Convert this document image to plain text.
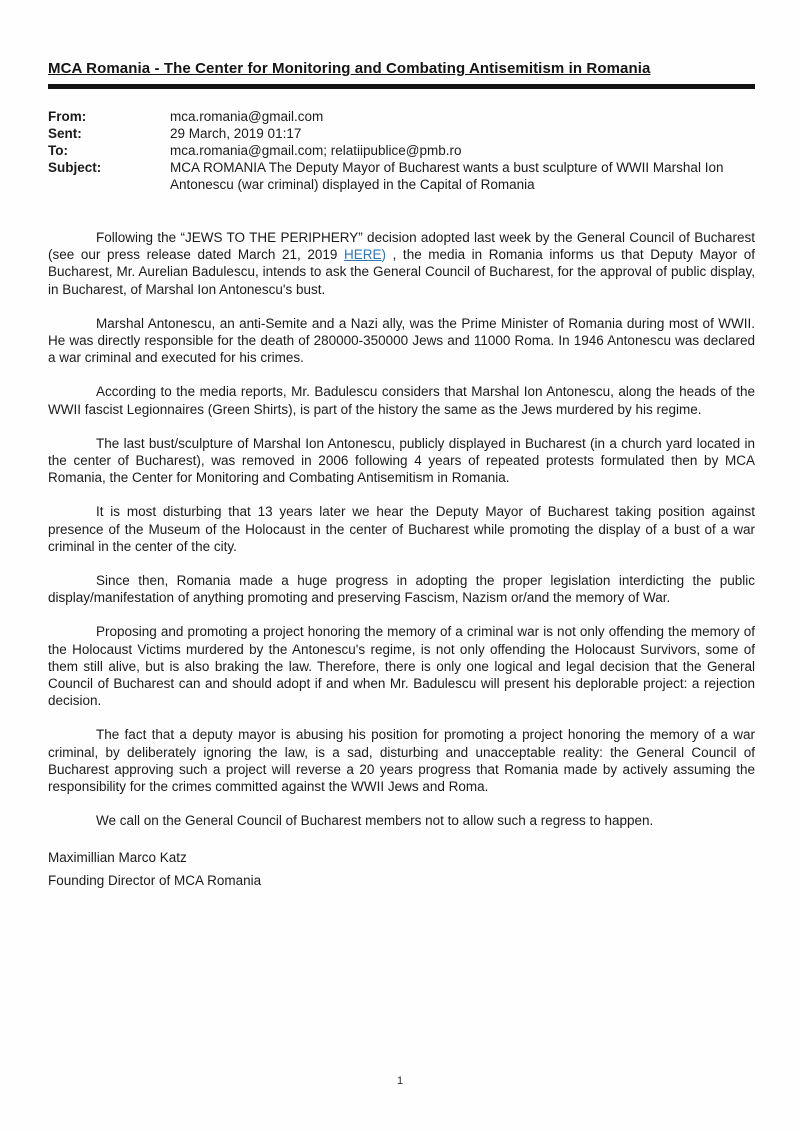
MCA Romania - The Center for Monitoring and Combating Antisemitism in Romania
From:	mca.romania@gmail.com
Sent:	29 March, 2019 01:17
To:	mca.romania@gmail.com; relatiipublice@pmb.ro
Subject:	MCA ROMANIA The Deputy Mayor of Bucharest wants a bust sculpture of WWII Marshal Ion Antonescu (war criminal) displayed in the Capital of Romania

Following the “JEWS TO THE PERIPHERY” decision adopted last week by the General Council of Bucharest (see our press release dated March 21, 2019 HERE) , the media in Romania informs us that Deputy Mayor of Bucharest, Mr. Aurelian Badulescu, intends to ask the General Council of Bucharest, for the approval of public display, in Bucharest, of Marshal Ion Antonescu's bust.

Marshal Antonescu, an anti-Semite and a Nazi ally, was the Prime Minister of Romania during most of WWII. He was directly responsible for the death of 280000-350000 Jews and 11000 Roma. In 1946 Antonescu was declared a war criminal and executed for his crimes.

According to the media reports, Mr. Badulescu considers that Marshal Ion Antonescu, along the heads of the WWII fascist Legionnaires (Green Shirts), is part of the history the same as the Jews murdered by his regime.

The last bust/sculpture of Marshal Ion Antonescu, publicly displayed in Bucharest (in a church yard located in the center of Bucharest), was removed in 2006 following 4 years of repeated protests formulated then by MCA Romania, the Center for Monitoring and Combating Antisemitism in Romania.

It is most disturbing that 13 years later we hear the Deputy Mayor of Bucharest taking position against presence of the Museum of the Holocaust in the center of Bucharest while promoting the display of a bust of a war criminal in the center of the city.

Since then, Romania made a huge progress in adopting the proper legislation interdicting the public display/manifestation of anything promoting and preserving Fascism, Nazism or/and the memory of War.

Proposing and promoting a project honoring the memory of a criminal war is not only offending the memory of the Holocaust Victims murdered by the Antonescu's regime, is not only offending the Holocaust Survivors, some of them still alive, but is also braking the law. Therefore, there is only one logical and legal decision that the General Council of Bucharest can and should adopt if and when Mr. Badulescu will present his deplorable project: a rejection decision.

The fact that a deputy mayor is abusing his position for promoting a project honoring the memory of a war criminal, by deliberately ignoring the law, is a sad, disturbing and unacceptable reality: the General Council of Bucharest approving such a project will reverse a 20 years progress that Romania made by actively assuming the responsibility for the crimes committed against the WWII Jews and Roma.

We call on the General Council of Bucharest members not to allow such a regress to happen.

Maximillian Marco Katz
Founding Director of MCA Romania
1
